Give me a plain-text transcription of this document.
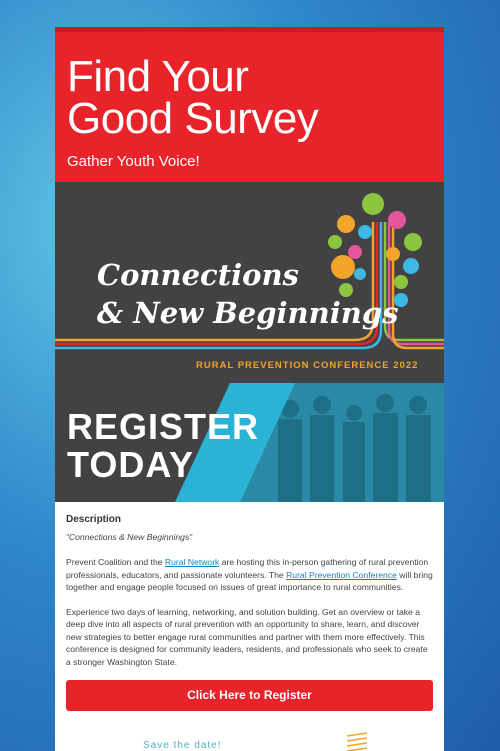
Find Your
Good Survey
Gather Youth Voice!
Connections
& New Beginnings
RURAL PREVENTION CONFERENCE 2022
REGISTER
TODAY
Description
“Connections & New Beginnings”

Prevent Coalition and the Rural Network are hosting this in-person gathering of rural prevention professionals, educators, and passionate volunteers. The Rural Prevention Conference will bring together and engage people focused on issues of great importance to rural communities.

Experience two days of learning, networking, and solution building. Get an overview or take a deep dive into all aspects of rural prevention with an opportunity to share, learn, and discover new strategies to better engage rural communities and partner with them more effectively. This conference is designed for community leaders, residents, and professionals who seek to create a stronger Washington State.

Click Here to Register
Save the date!
